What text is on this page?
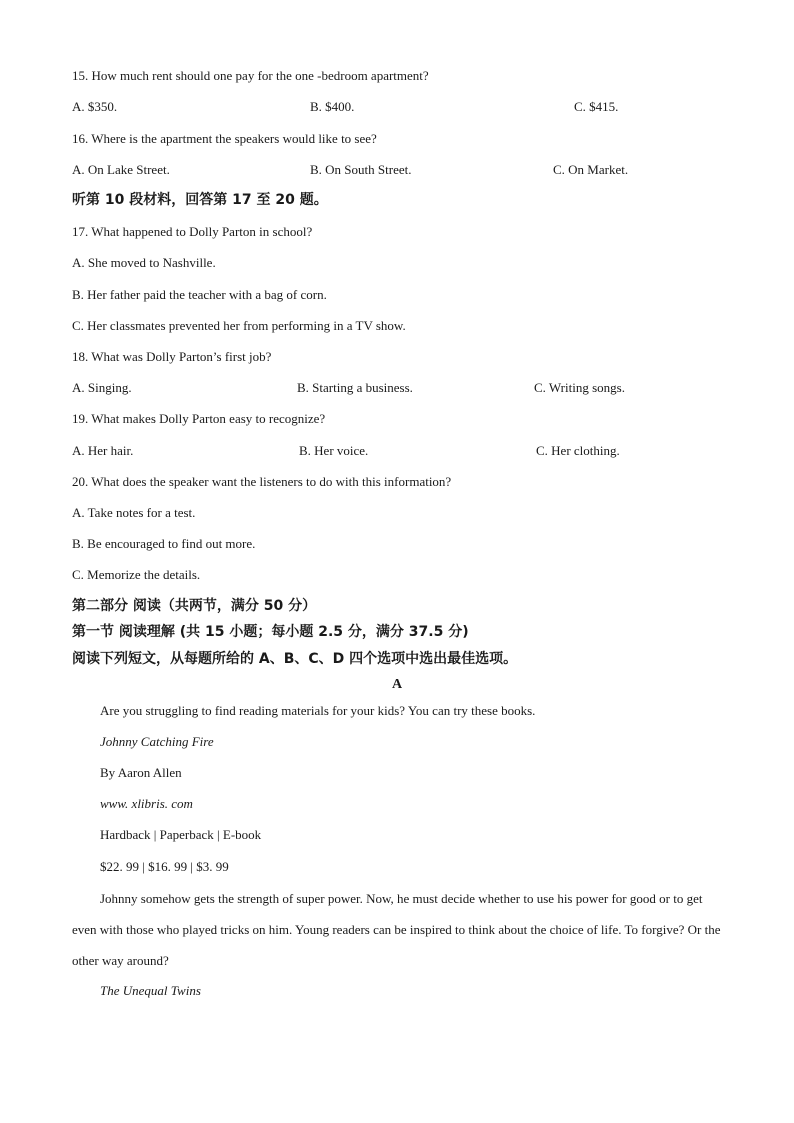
15. How much rent should one pay for the one -bedroom apartment?
A. $350.	B. $400.	C. $415.
16. Where is the apartment the speakers would like to see?
A. On Lake Street.	B. On South Street.	C. On Market.
听第 10 段材料，回答第 17 至 20 题。
17. What happened to Dolly Parton in school?
A. She moved to Nashville.
B. Her father paid the teacher with a bag of corn.
C. Her classmates prevented her from performing in a TV show.
18. What was Dolly Parton’s first job?
A. Singing.	B. Starting a business.	C. Writing songs.
19. What makes Dolly Parton easy to recognize?
A. Her hair.	B. Her voice.	C. Her clothing.
20. What does the speaker want the listeners to do with this information?
A. Take notes for a test.
B. Be encouraged to find out more.
C. Memorize the details.
第二部分 阅读（共两节，满分 50 分）
第一节 阅读理解 (共 15 小题；每小题 2.5 分，满分 37.5 分)
阅读下列短文，从每题所给的 A、B、C、D 四个选项中选出最佳选项。
A
Are you struggling to find reading materials for your kids? You can try these books.
Johnny Catching Fire
By Aaron Allen
www. xlibris. com
Hardback | Paperback | E-book
$22. 99 | $16. 99 | $3. 99
Johnny somehow gets the strength of super power. Now, he must decide whether to use his power for good or to get even with those who played tricks on him. Young readers can be inspired to think about the choice of life. To forgive? Or the other way around?
The Unequal Twins
